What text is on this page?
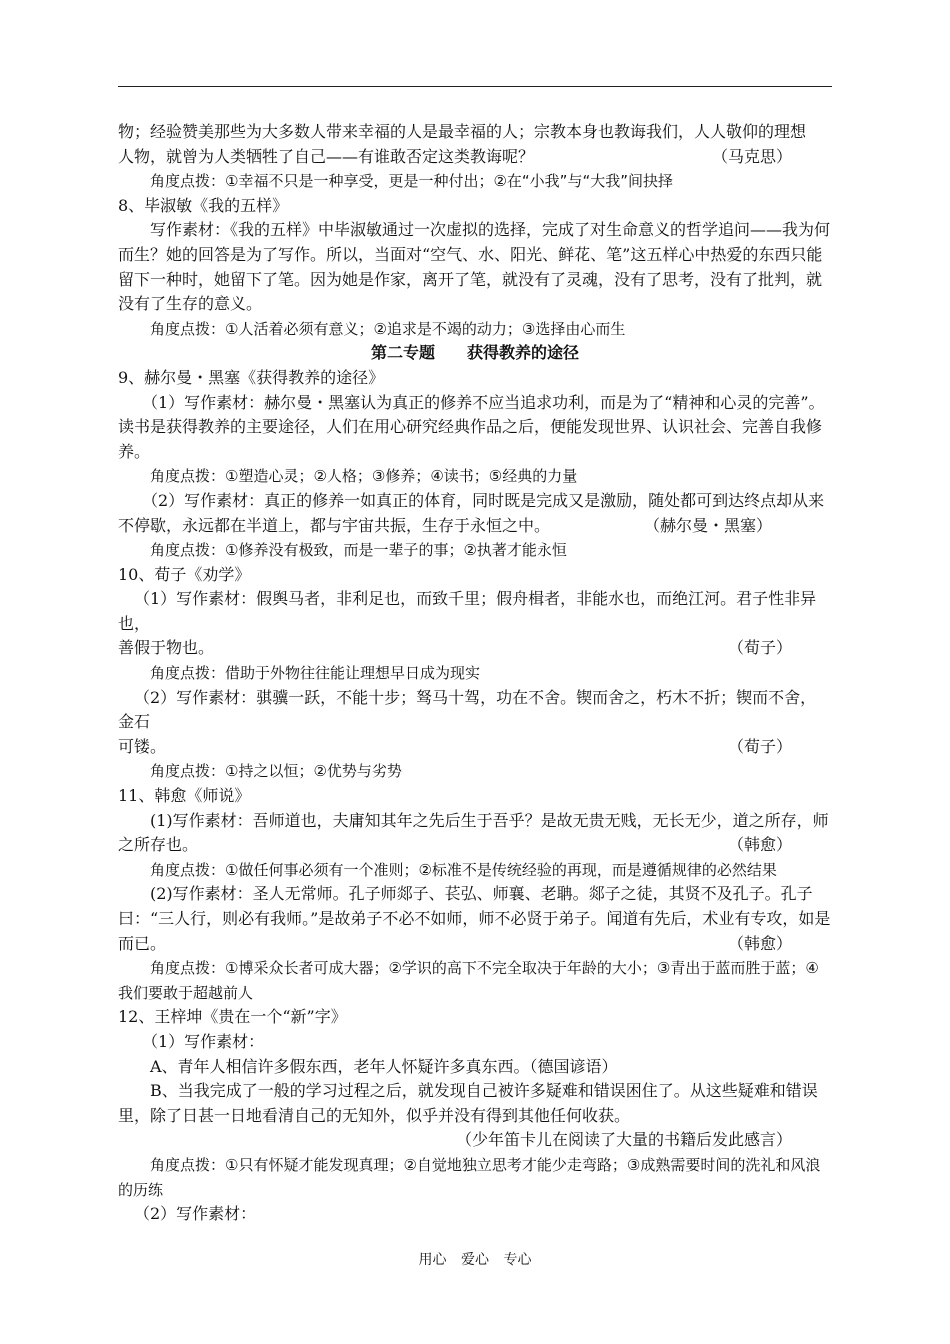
物；经验赞美那些为大多数人带来幸福的人是最幸福的人；宗教本身也教诲我们，人人敬仰的理想

人物，就曾为人类牺牲了自己——有谁敢否定这类教诲呢？	（马克思）

角度点拨：①幸福不只是一种享受，更是一种付出；②在“小我”与“大我”间抉择

8、毕淑敏《我的五样》

写作素材：《我的五样》中毕淑敏通过一次虚拟的选择，完成了对生命意义的哲学追问——我为何而生？她的回答是为了写作。所以，当面对“空气、水、阳光、鲜花、笔”这五样心中热爱的东西只能留下一种时，她留下了笔。因为她是作家，离开了笔，就没有了灵魂，没有了思考，没有了批判，就没有了生存的意义。

角度点拨：①人活着必须有意义；②追求是不竭的动力；③选择由心而生

第二专题 获得教养的途径

9、赫尔曼・黑塞《获得教养的途径》

（1）写作素材：赫尔曼・黑塞认为真正的修养不应当追求功利，而是为了“精神和心灵的完善”。读书是获得教养的主要途径，人们在用心研究经典作品之后，便能发现世界、认识社会、完善自我修养。

角度点拨：①塑造心灵；②人格；③修养；④读书；⑤经典的力量

（2）写作素材：真正的修养一如真正的体育，同时既是完成又是激励，随处都可到达终点却从来

不停歇，永远都在半道上，都与宇宙共振，生存于永恒之中。	（赫尔曼・黑塞）

角度点拨：①修养没有极致，而是一辈子的事；②执著才能永恒

10、荀子《劝学》

（1）写作素材：假舆马者，非利足也，而致千里；假舟楫者，非能水也，而绝江河。君子性非异也，

善假于物也。	（荀子）

角度点拨：借助于外物往往能让理想早日成为现实

（2）写作素材：骐骥一跃，不能十步；驽马十驾，功在不舍。锲而舍之，朽木不折；锲而不舍，金石

可镂。	（荀子）

角度点拨：①持之以恒；②优势与劣势

11、韩愈《师说》

(1)写作素材：吾师道也，夫庸知其年之先后生于吾乎？是故无贵无贱，无长无少，道之所存，师

之所存也。	（韩愈）

角度点拨：①做任何事必须有一个准则；②标准不是传统经验的再现，而是遵循规律的必然结果

(2)写作素材：圣人无常师。孔子师郯子、苌弘、师襄、老聃。郯子之徒，其贤不及孔子。孔子曰：“三人行，则必有我师。”是故弟子不必不如师，师不必贤于弟子。闻道有先后，术业有专攻，如是而已。	（韩愈）

角度点拨：①博采众长者可成大器；②学识的高下不完全取决于年龄的大小；③青出于蓝而胜于蓝；④我们要敢于超越前人

12、王梓坤《贵在一个“新”字》

（1）写作素材：

A、青年人相信许多假东西，老年人怀疑许多真东西。（德国谚语）

B、当我完成了一般的学习过程之后，就发现自己被许多疑难和错误困住了。从这些疑难和错误里，除了日甚一日地看清自己的无知外，似乎并没有得到其他任何收获。

（少年笛卡儿在阅读了大量的书籍后发此感言）

角度点拨：①只有怀疑才能发现真理；②自觉地独立思考才能少走弯路；③成熟需要时间的洗礼和风浪的历练

（2）写作素材：

用心 爱心 专心
